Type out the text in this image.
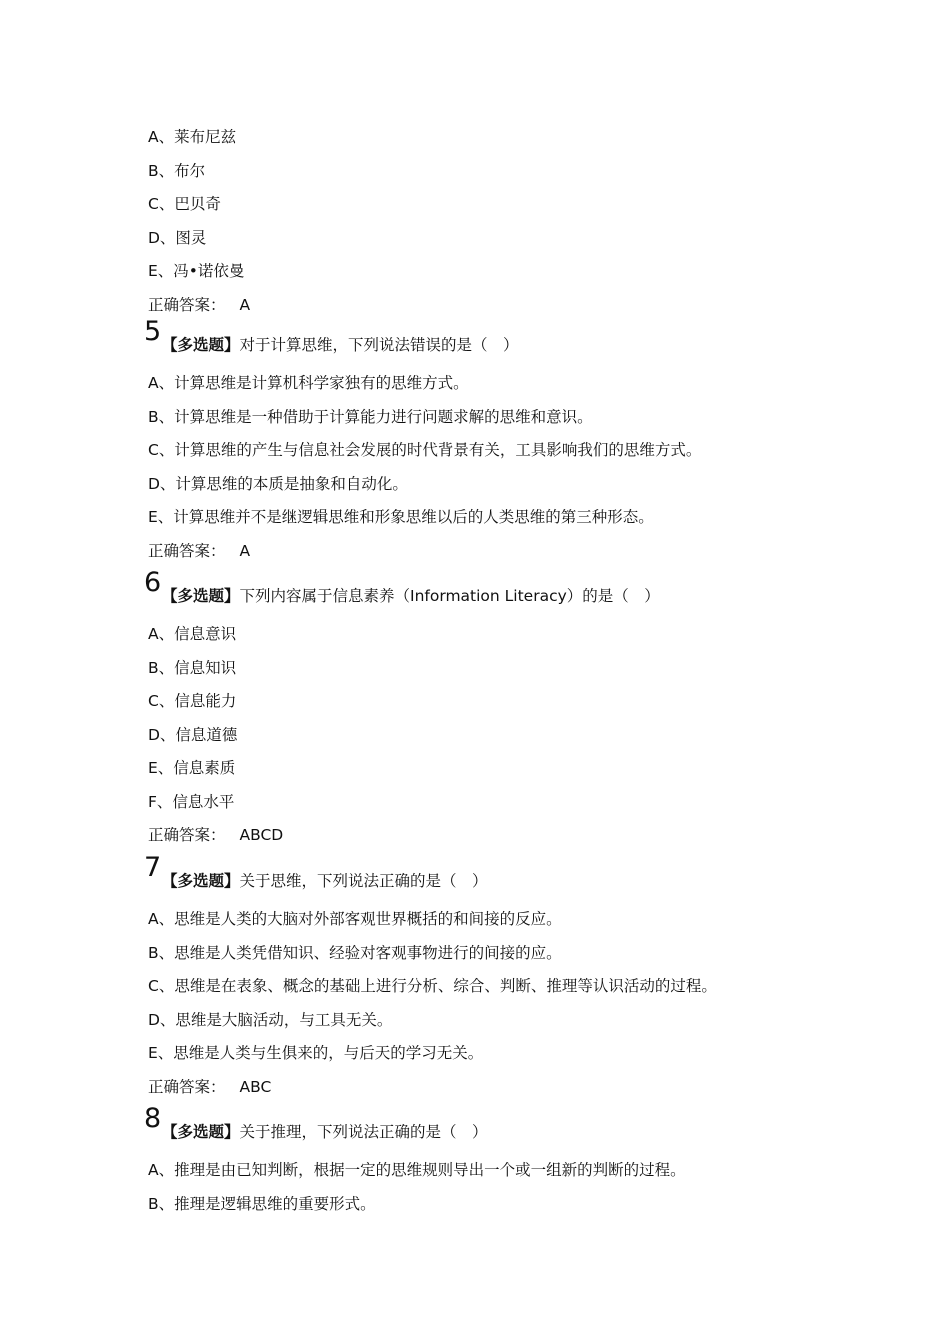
A、莱布尼兹
B、布尔
C、巴贝奇
D、图灵
E、冯•诺依曼
正确答案： A
5 【多选题】对于计算思维，下列说法错误的是（　）
A、计算思维是计算机科学家独有的思维方式。
B、计算思维是一种借助于计算能力进行问题求解的思维和意识。
C、计算思维的产生与信息社会发展的时代背景有关，工具影响我们的思维方式。
D、计算思维的本质是抽象和自动化。
E、计算思维并不是继逻辑思维和形象思维以后的人类思维的第三种形态。
正确答案： A
6 【多选题】下列内容属于信息素养（Information Literacy）的是（　）
A、信息意识
B、信息知识
C、信息能力
D、信息道德
E、信息素质
F、信息水平
正确答案： ABCD
7 【多选题】关于思维，下列说法正确的是（　）
A、思维是人类的大脑对外部客观世界概括的和间接的反应。
B、思维是人类凭借知识、经验对客观事物进行的间接的应。
C、思维是在表象、概念的基础上进行分析、综合、判断、推理等认识活动的过程。
D、思维是大脑活动，与工具无关。
E、思维是人类与生俱来的，与后天的学习无关。
正确答案： ABC
8 【多选题】关于推理，下列说法正确的是（　）
A、推理是由已知判断，根据一定的思维规则导出一个或一组新的判断的过程。
B、推理是逻辑思维的重要形式。
